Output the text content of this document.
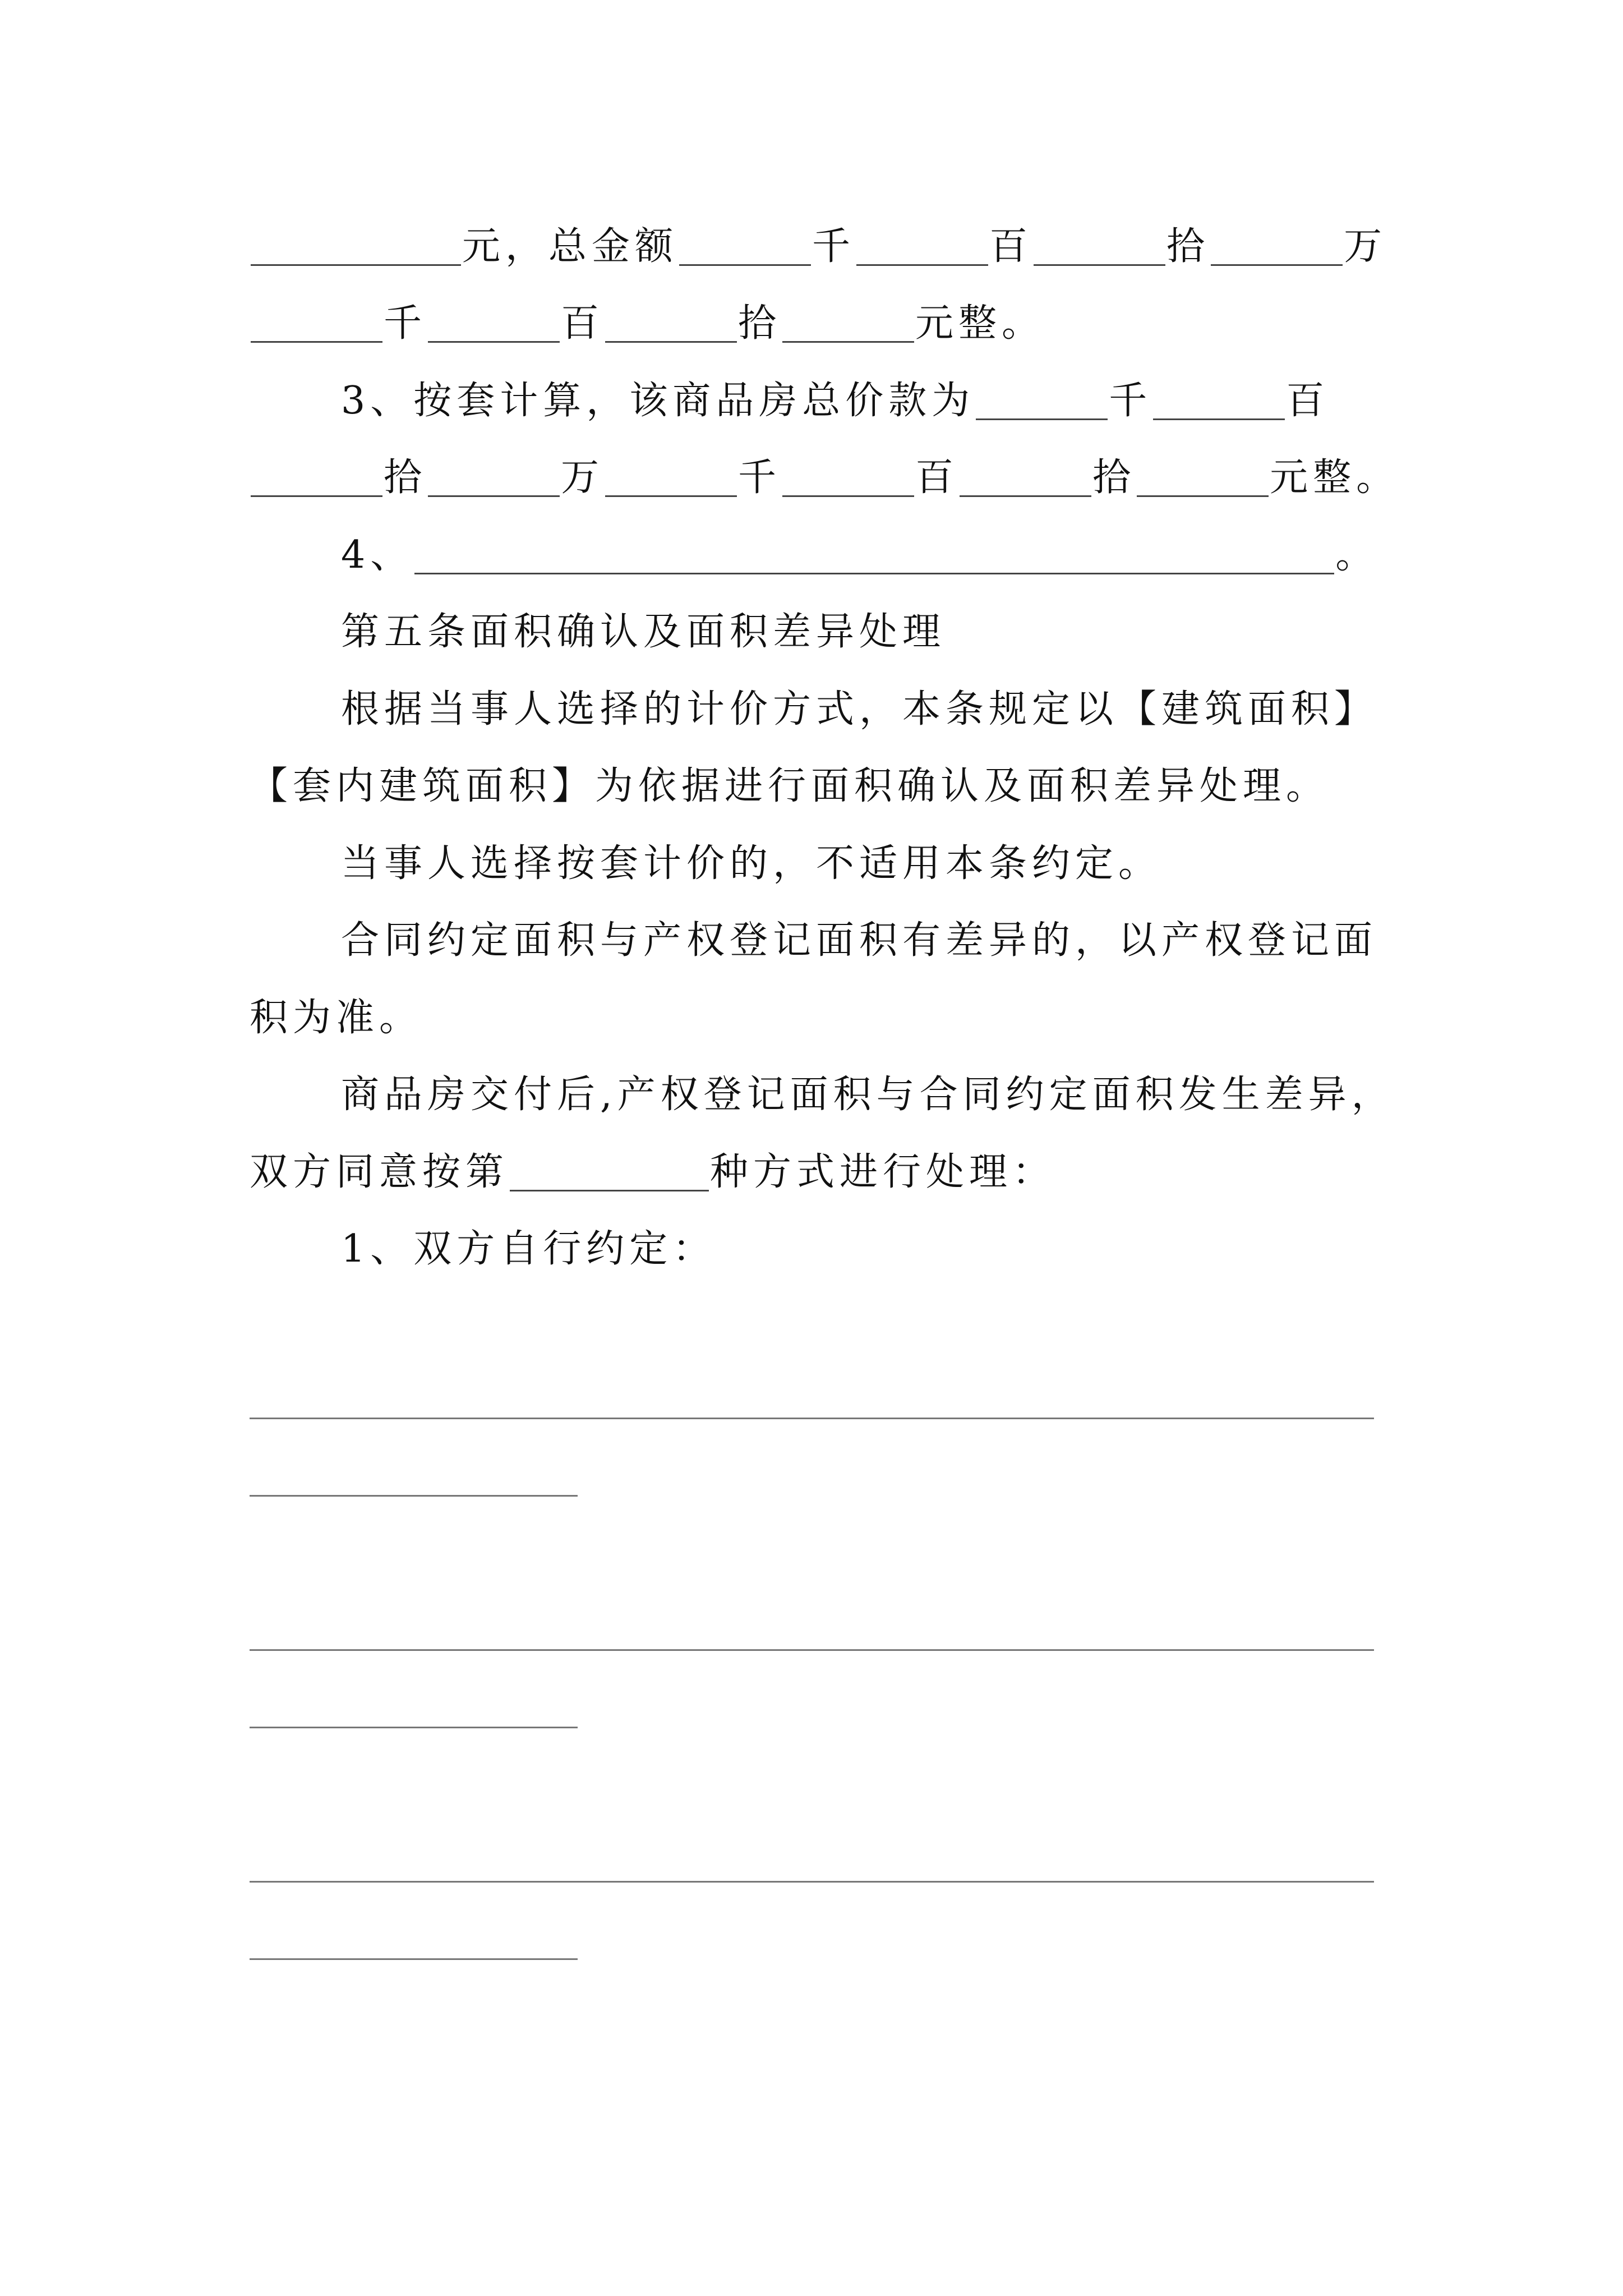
元，总金额	千	百	拾	万
千	百	拾	元整。
3、按套计算，该商品房总价款为	千	百
拾	万	千	百	拾	元整。
4、	。
第五条面积确认及面积差异处理
根据当事人选择的计价方式，本条规定以【建筑面积】
【套内建筑面积】为依据进行面积确认及面积差异处理。
当事人选择按套计价的，不适用本条约定。
合同约定面积与产权登记面积有差异的，以产权登记面
积为准。
商品房交付后,产权登记面积与合同约定面积发生差异，
双方同意按第	种方式进行处理：
1、双方自行约定：
